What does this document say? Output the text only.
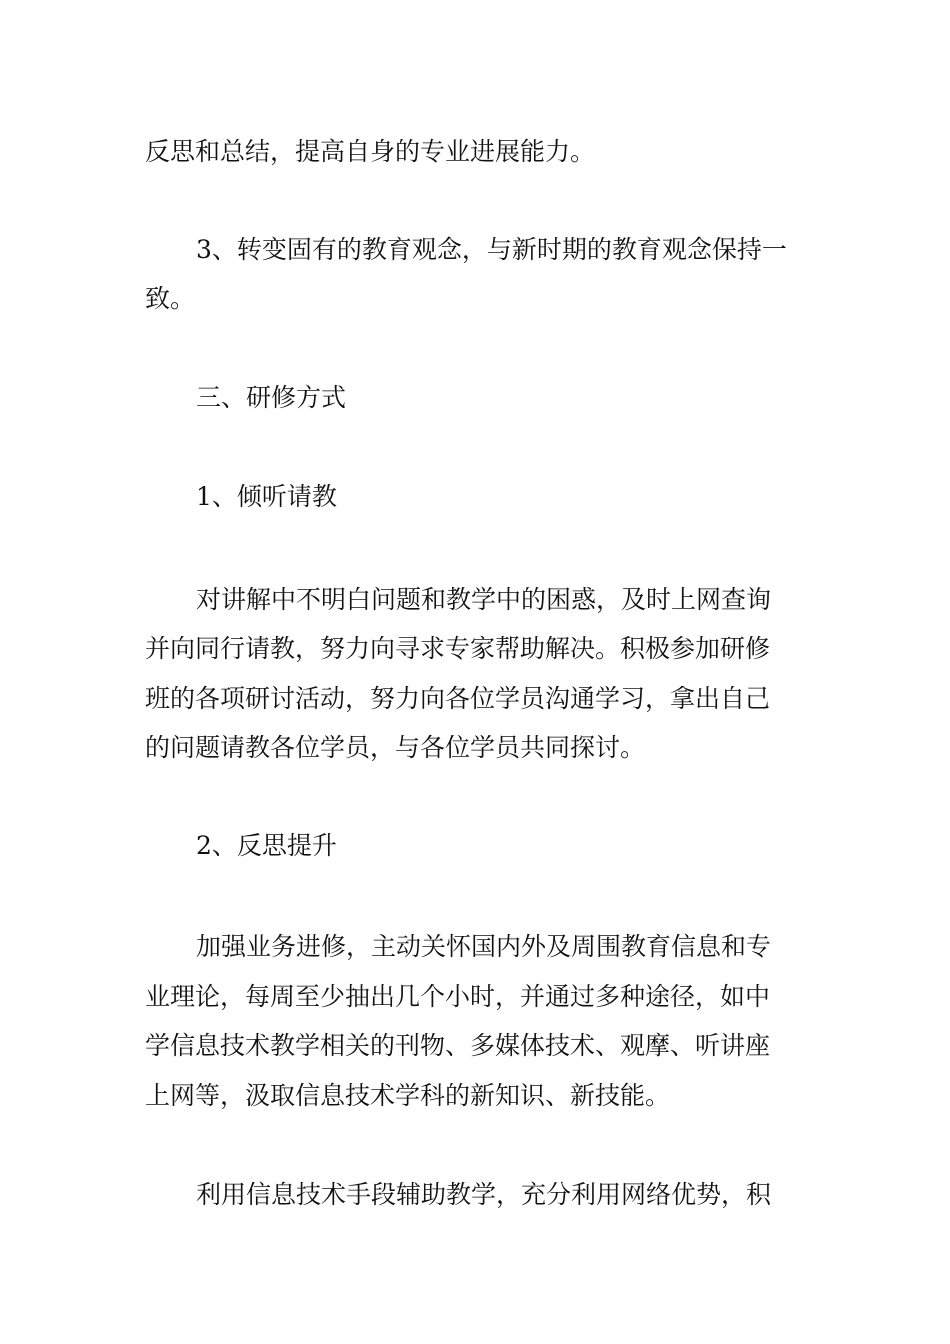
反思和总结，提高自身的专业进展能力。
3、转变固有的教育观念，与新时期的教育观念保持一
致。
三、研修方式
1、倾听请教
对讲解中不明白问题和教学中的困惑，及时上网查询
并向同行请教，努力向寻求专家帮助解决。积极参加研修
班的各项研讨活动，努力向各位学员沟通学习，拿出自己
的问题请教各位学员，与各位学员共同探讨。
2、反思提升
加强业务进修，主动关怀国内外及周围教育信息和专
业理论，每周至少抽出几个小时，并通过多种途径，如中
学信息技术教学相关的刊物、多媒体技术、观摩、听讲座
上网等，汲取信息技术学科的新知识、新技能。
利用信息技术手段辅助教学，充分利用网络优势，积
